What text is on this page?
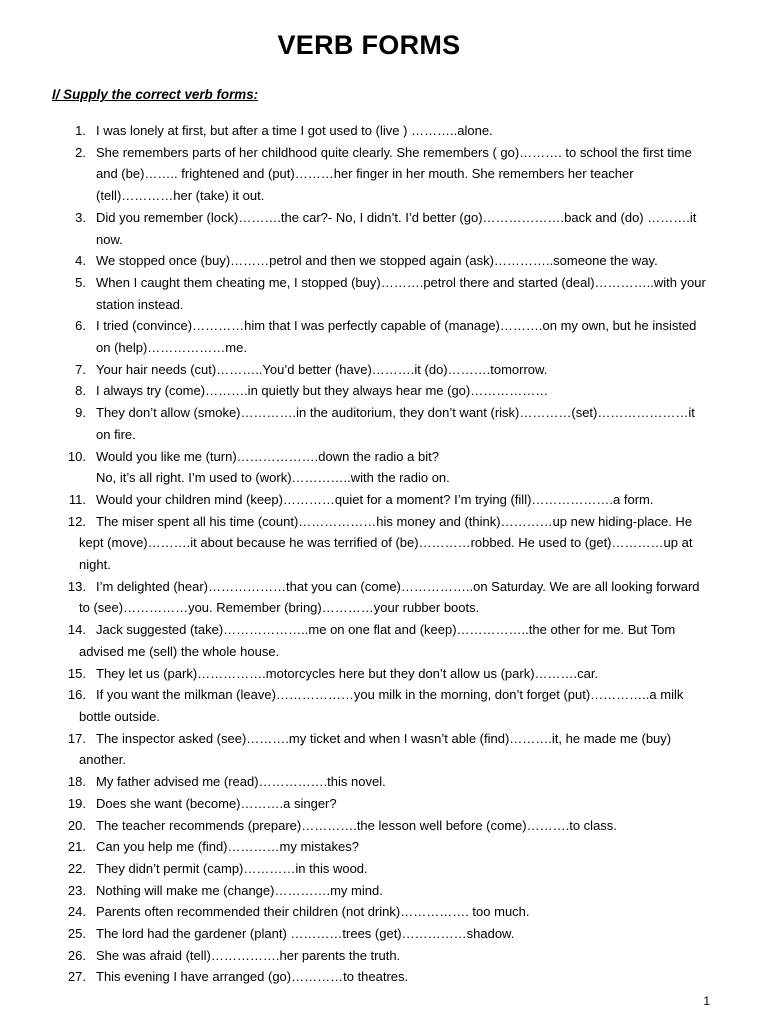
VERB FORMS
I/ Supply the correct verb forms:
1. I was lonely at first, but after a time I got used to (live ) ………..alone.
2. She remembers parts of her childhood quite clearly. She remembers ( go)………. to school the first time and (be)…….. frightened and (put)………her finger in her mouth. She remembers her teacher (tell)…………her (take) it out.
3. Did you remember (lock)……….the car?- No, I didn’t. I’d better (go)……………….back and (do) ……….it now.
4. We stopped once (buy)………petrol and then we stopped again (ask)…………..someone the way.
5. When I caught them cheating me, I stopped (buy)……….petrol there and started (deal)…………..with your station instead.
6. I tried (convince)…………him that I was perfectly capable of (manage)……….on my own, but he insisted on (help)………………me.
7. Your hair needs (cut)………..You’d better (have)……….it (do)……….tomorrow.
8. I always try (come)……….in quietly but they always hear me (go)………………
9. They don’t allow (smoke)………….in the auditorium, they don’t want (risk)…………(set)…………………it on fire.
10. Would you like me (turn)……………….down the radio a bit?
No, it’s all right. I’m used to (work)…………..with the radio on.
11. Would your children mind (keep)…………quiet for a moment? I’m trying (fill)……………….a form.
12. The miser spent all his time (count)………………his money and (think)…………up new hiding-place. He kept (move)……….it about because he was terrified of (be)…………robbed. He used to (get)…………up at night.
13. I’m delighted (hear)………………that you can (come)……………..on Saturday. We are all looking forward to (see)……………you. Remember (bring)…………your rubber boots.
14. Jack suggested (take)………………..me on one flat and (keep)……………..the other for me. But Tom advised me (sell) the whole house.
15. They let us (park)…………….motorcycles here but they don’t allow us (park)……….car.
16. If you want the milkman (leave)………………you milk in the morning, don’t forget (put)…………..a milk bottle outside.
17. The inspector asked (see)……….my ticket and when I wasn’t able (find)……….it, he made me (buy) another.
18. My father advised me (read)…………….this novel.
19. Does she want (become)……….a singer?
20. The teacher recommends (prepare)………….the lesson well before (come)……….to class.
21. Can you help me (find)…………my mistakes?
22. They didn’t permit (camp)…………in this wood.
23. Nothing will make me (change)………….my mind.
24. Parents often recommended their children (not drink)……………. too much.
25. The lord had the gardener (plant) …………trees (get)……………shadow.
26. She was afraid (tell)…………….her parents the truth.
27. This evening I have arranged (go)…………to theatres.
1
